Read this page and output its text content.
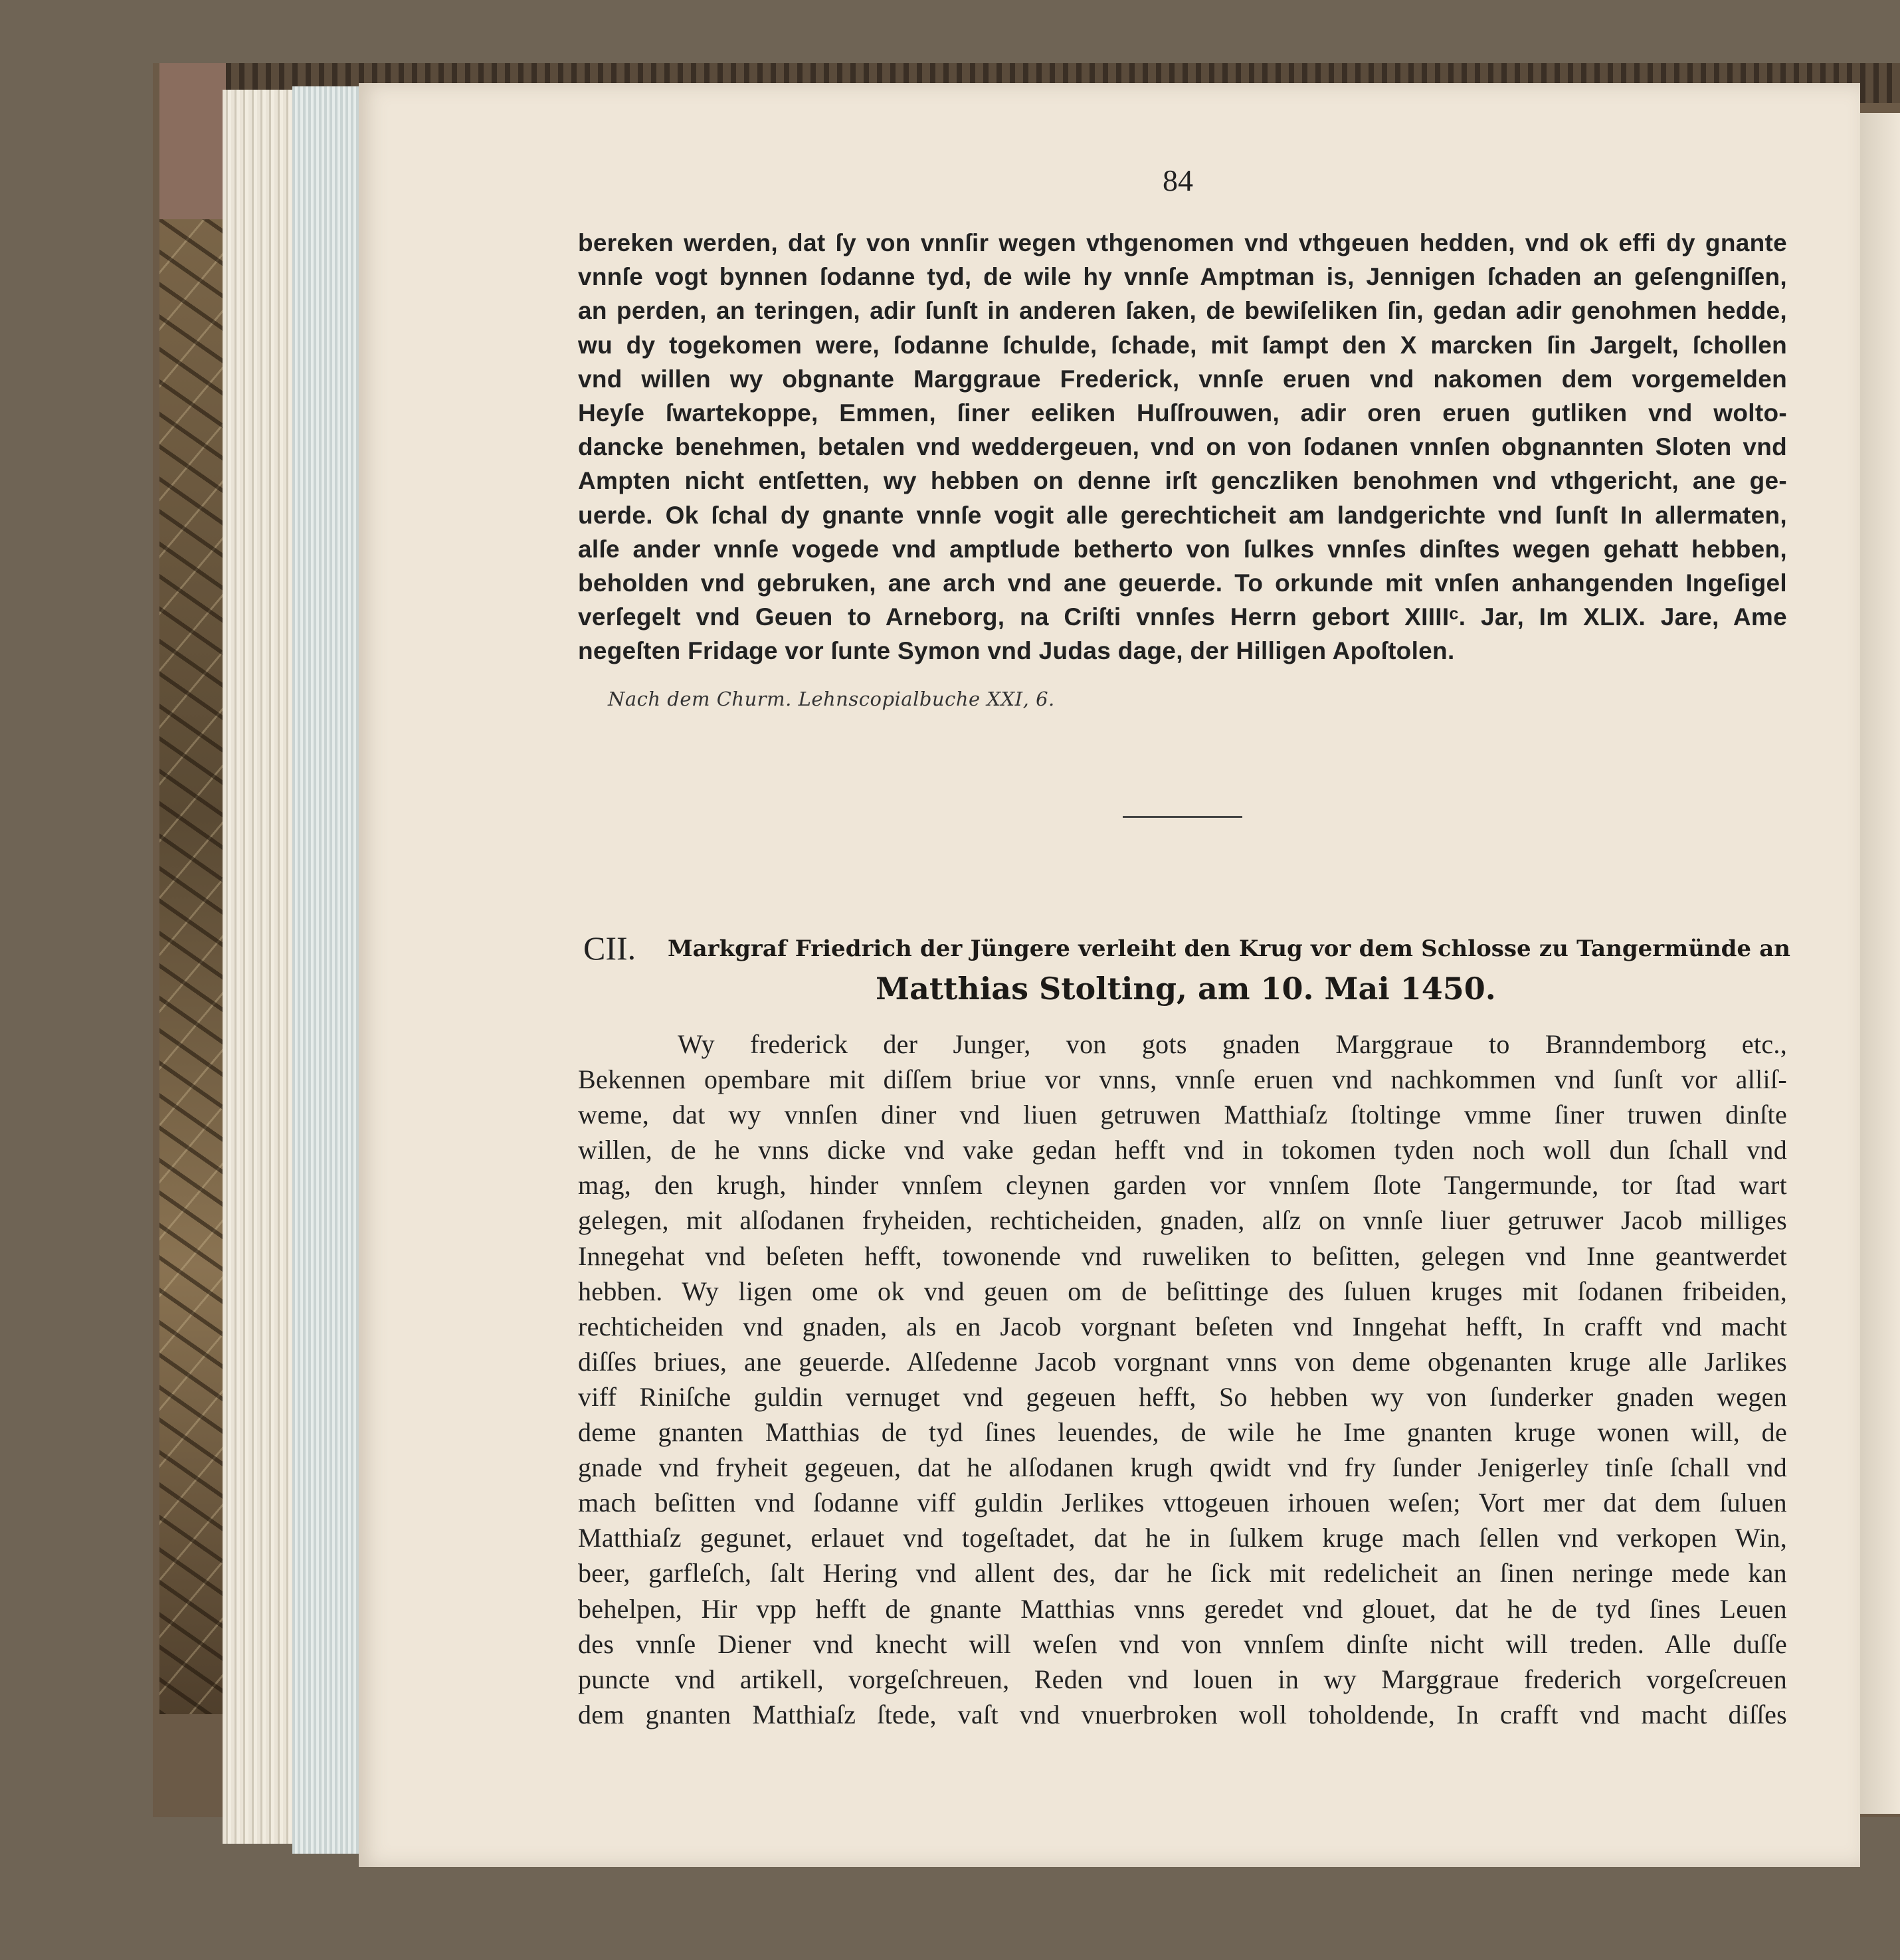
84
bereken werden, dat ſy von vnnſir wegen vthgenomen vnd vthgeuen hedden, vnd ok effi dy gnante
vnnſe vogt bynnen ſodanne tyd, de wile hy vnnſe Amptman is, Jennigen ſchaden an geſengniſſen,
an perden, an teringen, adir ſunſt in anderen ſaken, de bewiſeliken ſin, gedan adir genohmen hedde,
wu dy togekomen were, ſodanne ſchulde, ſchade, mit ſampt den X marcken ſin Jargelt, ſchollen
vnd willen wy obgnante Marggraue Frederick, vnnſe eruen vnd nakomen dem vorgemelden
Heyſe ſwartekoppe, Emmen, ſiner eeliken Huſſrouwen, adir oren eruen gutliken vnd wolto-
dancke benehmen, betalen vnd weddergeuen, vnd on von ſodanen vnnſen obgnannten Sloten vnd
Ampten nicht entſetten, wy hebben on denne irſt genczliken benohmen vnd vthgericht, ane ge-
uerde. Ok ſchal dy gnante vnnſe vogit alle gerechticheit am landgerichte vnd ſunſt In allermaten,
alſe ander vnnſe vogede vnd amptlude betherto von ſulkes vnnſes dinſtes wegen gehatt hebben,
beholden vnd gebruken, ane arch vnd ane geuerde. To orkunde mit vnſen anhangenden Ingeſigel
verſegelt vnd Geuen to Arneborg, na Criſti vnnſes Herrn gebort XIIIIᶜ. Jar, Im XLIX. Jare, Ame
negeſten Fridage vor ſunte Symon vnd Judas dage, der Hilligen Apoſtolen.
Nach dem Churm. Lehnscopialbuche XXI, 6.
CII. Markgraf Friedrich der Jüngere verleiht den Krug vor dem Schlosse zu Tangermünde an
Matthias Stolting, am 10. Mai 1450.
Wy frederick der Junger, von gots gnaden Marggraue to Branndemborg etc.,
Bekennen opembare mit diſſem briue vor vnns, vnnſe eruen vnd nachkommen vnd ſunſt vor alliſ-
weme, dat wy vnnſen diner vnd liuen getruwen Matthiaſz ſtoltinge vmme ſiner truwen dinſte
willen, de he vnns dicke vnd vake gedan hefft vnd in tokomen tyden noch woll dun ſchall vnd
mag, den krugh, hinder vnnſem cleynen garden vor vnnſem ſlote Tangermunde, tor ſtad wart
gelegen, mit alſodanen fryheiden, rechticheiden, gnaden, alſz on vnnſe liuer getruwer Jacob milliges
Innegehat vnd beſeten hefft, towonende vnd ruweliken to beſitten, gelegen vnd Inne geantwerdet
hebben. Wy ligen ome ok vnd geuen om de beſittinge des ſuluen kruges mit ſodanen fribeiden,
rechticheiden vnd gnaden, als en Jacob vorgnant beſeten vnd Inngehat hefft, In crafft vnd macht
diſſes briues, ane geuerde. Alſedenne Jacob vorgnant vnns von deme obgenanten kruge alle Jarlikes
viff Riniſche guldin vernuget vnd gegeuen hefft, So hebben wy von ſunderker gnaden wegen
deme gnanten Matthias de tyd ſines leuendes, de wile he Ime gnanten kruge wonen will, de
gnade vnd fryheit gegeuen, dat he alſodanen krugh qwidt vnd fry ſunder Jenigerley tinſe ſchall vnd
mach beſitten vnd ſodanne viff guldin Jerlikes vttogeuen irhouen weſen; Vort mer dat dem ſuluen
Matthiaſz gegunet, erlauet vnd togeſtadet, dat he in ſulkem kruge mach ſellen vnd verkopen Win,
beer, garfleſch, ſalt Hering vnd allent des, dar he ſick mit redelicheit an ſinen neringe mede kan
behelpen, Hir vpp hefft de gnante Matthias vnns geredet vnd glouet, dat he de tyd ſines Leuen
des vnnſe Diener vnd knecht will weſen vnd von vnnſem dinſte nicht will treden. Alle duſſe
puncte vnd artikell, vorgeſchreuen, Reden vnd louen in wy Marggraue frederich vorgeſcreuen
dem gnanten Matthiaſz ſtede, vaſt vnd vnuerbroken woll toholdende, In crafft vnd macht diſſes
